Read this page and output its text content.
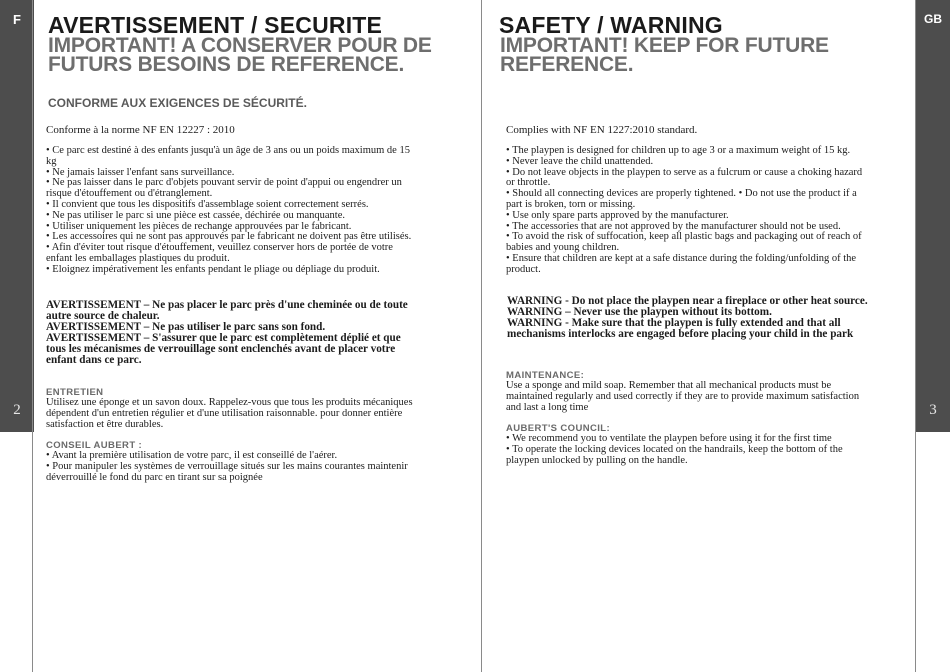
F
2
GB
3
AVERTISSEMENT / SECURITE
IMPORTANT! A CONSERVER POUR DE FUTURS BESOINS DE REFERENCE.
CONFORME AUX EXIGENCES DE SÉCURITÉ.
Conforme à la norme NF EN 12227 : 2010
• Ce parc est destiné à des enfants jusqu'à un âge de 3 ans ou un poids maximum de 15 kg
• Ne jamais laisser l'enfant sans surveillance.
• Ne pas laisser dans le parc d'objets pouvant servir de point d'appui ou engendrer un risque d'étouffement ou d'étranglement.
• Il convient que tous les dispositifs d'assemblage soient correctement serrés.
• Ne pas utiliser le parc si une pièce est cassée, déchirée ou manquante.
• Utiliser uniquement les pièces de rechange approuvées par le fabricant.
• Les accessoires qui ne sont pas approuvés par le fabricant ne doivent pas être utilisés.
• Afin d'éviter tout risque d'étouffement, veuillez conserver hors de portée de votre enfant les emballages plastiques du produit.
• Eloignez impérativement les enfants pendant le pliage ou dépliage du produit.
AVERTISSEMENT – Ne pas placer le parc près d'une cheminée ou de toute autre source de chaleur.
AVERTISSEMENT – Ne pas utiliser le parc sans son fond.
AVERTISSEMENT – S'assurer que le parc est complètement déplié et que tous les mécanismes de verrouillage sont enclenchés avant de placer votre enfant dans ce parc.
ENTRETIEN

Utilisez une éponge et un savon doux. Rappelez-vous que tous les produits mécaniques dépendent d'un entretien régulier et d'une utilisation raisonnable. pour donner entière satisfaction et être durables.

CONSEIL AUBERT :
• Avant la première utilisation de votre parc, il est conseillé de l'aérer.
• Pour manipuler les systèmes de verrouillage situés sur les mains courantes maintenir déverrouillé le fond du parc en tirant sur sa poignée
SAFETY / WARNING
IMPORTANT! KEEP FOR FUTURE REFERENCE.
Complies with NF EN 1227:2010 standard.
• The playpen is designed for children up to age 3 or a maximum weight of 15 kg.
• Never leave the child unattended.
• Do not leave objects in the playpen to serve as a fulcrum or cause a choking hazard or throttle.
• Should all connecting devices are properly tightened. • Do not use the product if a part is broken, torn or missing.
• Use only spare parts approved by the manufacturer.
• The accessories that are not approved by the manufacturer should not be used.
• To avoid the risk of suffocation, keep all plastic bags and packaging out of reach of babies and young children.
• Ensure that children are kept at a safe distance during the folding/unfolding of the product.
WARNING - Do not place the playpen near a fireplace or other heat source.
WARNING – Never use the playpen without its bottom.
WARNING - Make sure that the playpen is fully extended and that all mechanisms interlocks are engaged before placing your child in the park
MAINTENANCE:

Use a sponge and mild soap. Remember that all mechanical products must be maintained regularly and used correctly if they are to provide maximum satisfaction and last a long time

AUBERT'S COUNCIL:
• We recommend you to ventilate the playpen before using it for the first time
• To operate the locking devices located on the handrails, keep the bottom of the playpen unlocked by pulling on the handle.
